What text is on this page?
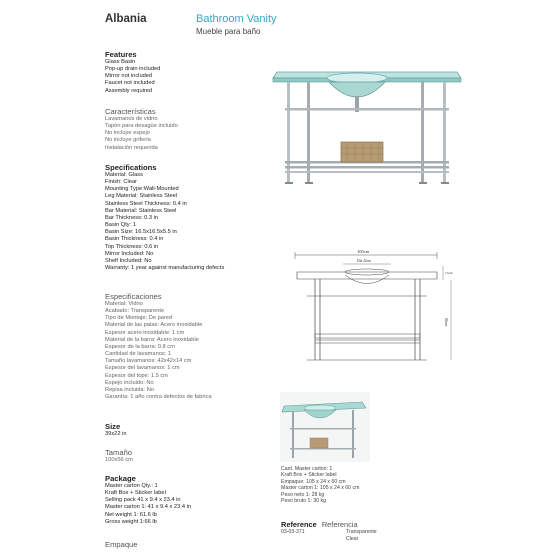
Albania	Bathroom Vanity
Mueble para baño
Features
Glass Basin
Pop-up drain included
Mirror not included
Faucet not included
Assembly required
Características
Lavamanos de vidrio
Tapón para desagüe incluido
No incluye espejo
No incluye grifería
Instalación requerida
Specifications
Material: Glass
Finish: Clear
Mounting Type:Wall-Mounted
Leg Material: Stainless Steel
Stainless Steel Thickness: 0.4 in
Bar Material: Stainless Steel
Bar Thickness: 0.3 in
Basin Qty: 1
Basin Size: 16.5x16.5x5.5 in
Basin Thickness: 0.4 in
Top Thickness: 0.6 in
Mirror Included: No
Shelf Included: No
Warranty: 1 year against manufacturing defects
Especificaciones
Material: Vidrio
Acabado: Transparente
Tipo de Montaje: De pared
Material de las patas: Acero inoxidable
Espesor acero inoxidable: 1 cm
Material de la barra: Acero inoxidable
Espesor de la barra: 0.8 cm
Cantidad de lavamanos: 1
Tamaño lavamanos: 42x42x14 cm
Espesor del lavamanos: 1 cm
Espesor del tope: 1.5 cm
Espejo incluido: No
Repisa incluida: No
Garantía: 1 año contra defectos de fabrica
Size
39x22 in
Tamaño
100x56 cm
Package
Master carton Qty.: 1
Kraft Box + Sticker label
Selling pack 41 x 9.4 x 23.4 in
Master carton 1: 41 x 9.4 x 23.4 in
Net weight 1: 61.6 lb
Gross weight 1:66 lb
Empaque
Cant. Master carton: 1
Kraft Box + Sticker label
Empaque: 105 x 24 x 60 cm
Master carton 1: 105 x 24 x 60 cm
Peso neto 1: 28 kg
Peso bruto 1: 30 kg
Reference Referencia
03-03-371	Transparente
Clear
100cm
Dia 42cm
15cm
86cm
